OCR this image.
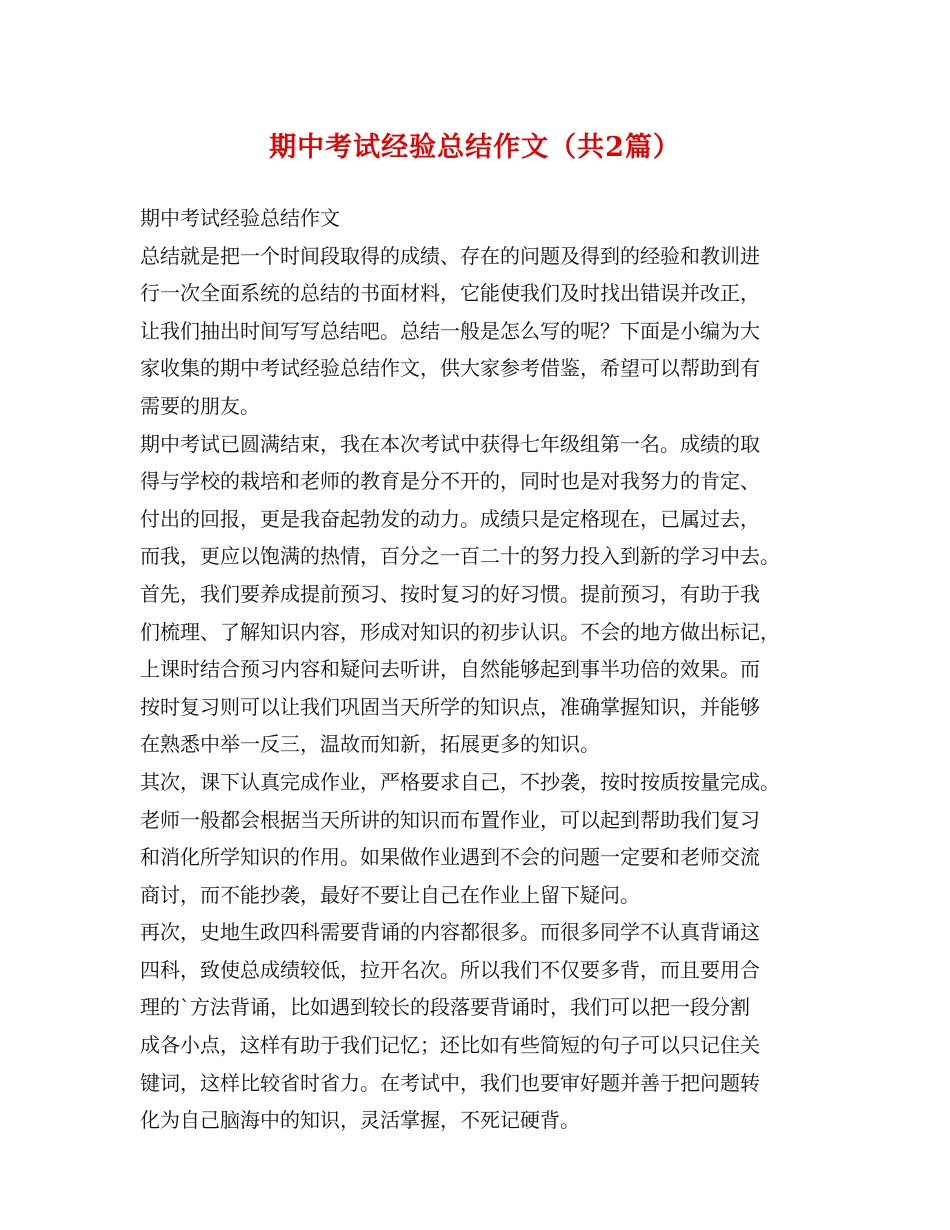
期中考试经验总结作文（共2篇）
期中考试经验总结作文
总结就是把一个时间段取得的成绩、存在的问题及得到的经验和教训进
行一次全面系统的总结的书面材料，它能使我们及时找出错误并改正，
让我们抽出时间写写总结吧。总结一般是怎么写的呢？下面是小编为大
家收集的期中考试经验总结作文，供大家参考借鉴，希望可以帮助到有
需要的朋友。
期中考试已圆满结束，我在本次考试中获得七年级组第一名。成绩的取
得与学校的栽培和老师的教育是分不开的，同时也是对我努力的肯定、
付出的回报，更是我奋起勃发的动力。成绩只是定格现在，已属过去，
而我，更应以饱满的热情，百分之一百二十的努力投入到新的学习中去。
首先，我们要养成提前预习、按时复习的好习惯。提前预习，有助于我
们梳理、了解知识内容，形成对知识的初步认识。不会的地方做出标记，
上课时结合预习内容和疑问去听讲，自然能够起到事半功倍的效果。而
按时复习则可以让我们巩固当天所学的知识点，准确掌握知识，并能够
在熟悉中举一反三，温故而知新，拓展更多的知识。
其次，课下认真完成作业，严格要求自己，不抄袭，按时按质按量完成。
老师一般都会根据当天所讲的知识而布置作业，可以起到帮助我们复习
和消化所学知识的作用。如果做作业遇到不会的问题一定要和老师交流
商讨，而不能抄袭，最好不要让自己在作业上留下疑问。
再次，史地生政四科需要背诵的内容都很多。而很多同学不认真背诵这
四科，致使总成绩较低，拉开名次。所以我们不仅要多背，而且要用合
理的`方法背诵，比如遇到较长的段落要背诵时，我们可以把一段分割
成各小点，这样有助于我们记忆；还比如有些简短的句子可以只记住关
键词，这样比较省时省力。在考试中，我们也要审好题并善于把问题转
化为自己脑海中的知识，灵活掌握，不死记硬背。
